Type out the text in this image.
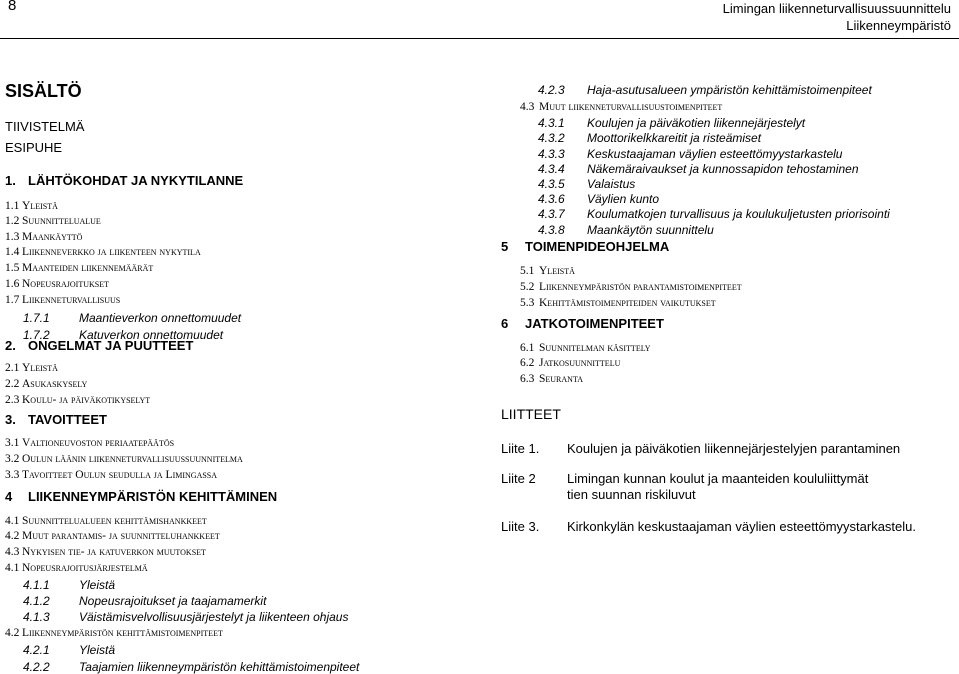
8	Limingan liikenneturvallisuussuunnittelu
Liikenneympäristö
SISÄLTÖ
TIIVISTELMÄ
ESIPUHE
LIITTEET
Liite 1. Koulujen ja päiväkotien liikennejärjestelyjen parantaminen
Liite 2 Limingan kunnan koulut ja maanteiden koululiittymät
tien suunnan riskiluvut
Liite 3. Kirkonkylän keskustaajaman väylien esteettömyystarkastelu.
1. LÄHTÖKOHDAT JA NYKYTILANNE
1.1 Yleistä
1.2 Suunnittelualue
1.3 Maankäyttö
1.4 Liikenneverkko ja liikenteen nykytila
1.5 Maanteiden liikennemäärät
1.6 Nopeusrajoitukset
1.7 Liikenneturvallisuus
1.7.1 Maantieverkon onnettomuudet
1.7.2 Katuverkon onnettomuudet
2. ONGELMAT JA PUUTTEET
2.1 Yleistä
2.2 Asukaskysely
2.3 Koulu- ja päiväkotikyselyt
3. TAVOITTEET
3.1 Valtioneuvoston periaatepäätös
3.2 Oulun läänin liikenneturvallisuussuunnitelma
3.3 Tavoitteet Oulun seudulla ja Limingassa
4 LIIKENNEYMPÄRISTÖN KEHITTÄMINEN
4.1 Suunnittelualueen kehittämishankkeet
4.2 Muut parantamis- ja suunnitteluhankkeet
4.3 Nykyisen tie- ja katuverkon muutokset
4.1 Nopeusrajoitusjärjestelmä
4.1.1 Yleistä
4.1.2 Nopeusrajoitukset ja taajamamerkit
4.1.3 Väistämisvelvollisuusjärjestelyt ja liikenteen ohjaus
4.2 Liikenneympäristön kehittämistoimenpiteet
4.2.1 Yleistä
4.2.2 Taajamien liikenneympäristön kehittämistoimenpiteet
4.2.3 Haja-asutusalueen ympäristön kehittämistoimenpiteet
4.3 Muut liikenneturvallisuustoimenpiteet
4.3.1 Koulujen ja päiväkotien liikennejärjestelyt
4.3.2 Moottorikelkkareitit ja risteämiset
4.3.3 Keskustaajaman väylien esteettömyystarkastelu
4.3.4 Näkemäraivaukset ja kunnossapidon tehostaminen
4.3.5 Valaistus
4.3.6 Väylien kunto
4.3.7 Koulumatkojen turvallisuus ja koulukuljetusten priorisointi
4.3.8 Maankäytön suunnittelu
5 TOIMENPIDEOHJELMA
5.1 Yleistä
5.2 Liikenneympäristön parantamistoimenpiteet
5.3 Kehittämistoimenpiteiden vaikutukset
6 JATKOTOIMENPITEET
6.1 Suunnitelman käsittely
6.2 Jatkosuunnittelu
6.3 Seuranta
